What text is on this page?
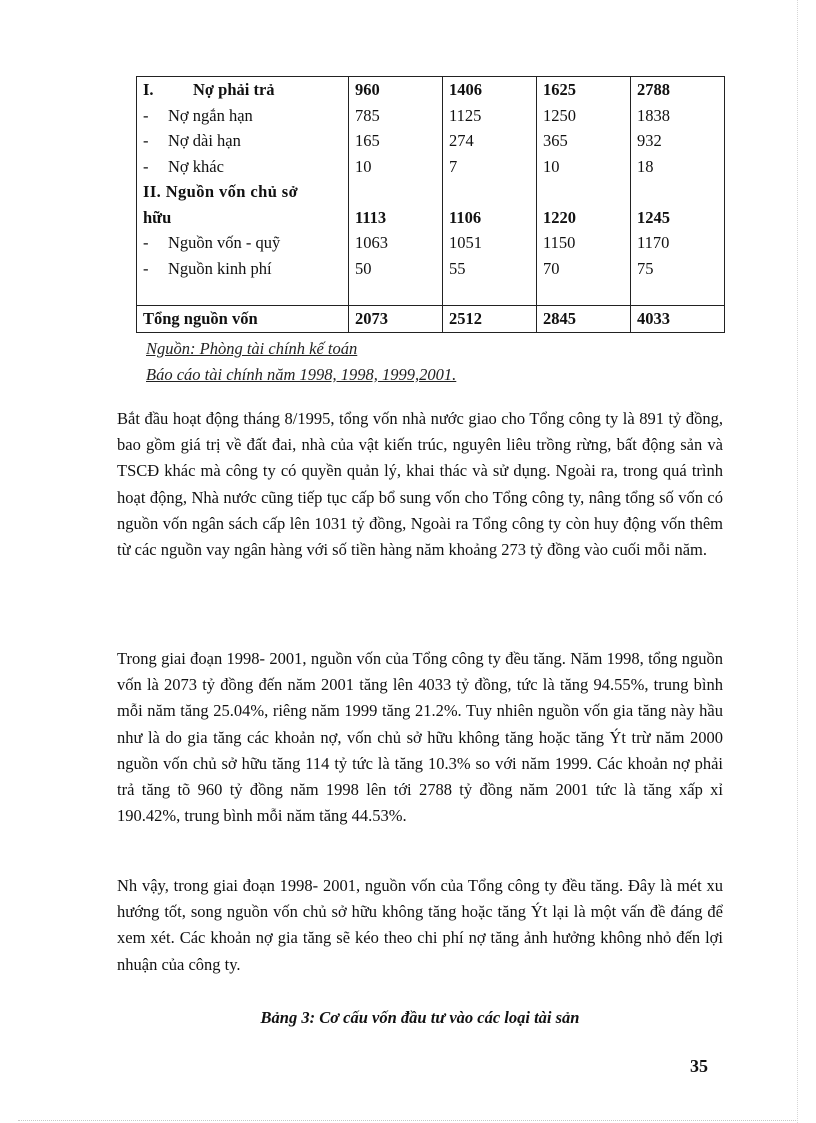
I. Nợ phải trả	960	1406	1625	2788
- Nợ ngắn hạn	785	1125	1250	1838
- Nợ dài hạn	165	274	365	932
- Nợ khác	10	7	10	18

II. Nguồn vốn chủ sở
hữu	1113	1106	1220	1245

- Nguồn vốn - quỹ	1063	1051	1150	1170
- Nguồn kinh phí	50	55	70	75

Tổng nguồn vốn	2073	2512	2845	4033
Nguồn: Phòng tài chính kế toán
Báo cáo tài chính năm 1998, 1998, 1999,2001.

Bắt đầu hoạt động tháng 8/1995, tổng vốn nhà nước giao cho Tổng công ty là 891 tỷ đồng, bao gồm giá trị về đất đai, nhà của vật kiến trúc, nguyên liêu trồng rừng, bất động sản và TSCĐ khác mà công ty có quyền quản lý, khai thác và sử dụng. Ngoài ra, trong quá trình hoạt động, Nhà nước cũng tiếp tục cấp bổ sung vốn cho Tổng công ty, nâng tổng số vốn có nguồn vốn ngân sách cấp lên 1031 tỷ đồng, Ngoài ra Tổng công ty còn huy động vốn thêm từ các nguồn vay ngân hàng với số tiền hàng năm khoảng 273 tỷ đồng vào cuối mỗi năm.

Trong giai đoạn 1998- 2001, nguồn vốn của Tổng công ty đều tăng. Năm 1998, tổng nguồn vốn là 2073 tỷ đồng đến năm 2001 tăng lên 4033 tỷ đồng, tức là tăng 94.55%, trung bình mỗi năm tăng 25.04%, riêng năm 1999 tăng 21.2%. Tuy nhiên nguồn vốn gia tăng này hầu như là do gia tăng các khoản nợ, vốn chủ sở hữu không tăng hoặc tăng Ýt trừ năm 2000 nguồn vốn chủ sở hữu tăng 114 tỷ tức là tăng 10.3% so với năm 1999. Các khoản nợ phải trả tăng tõ 960 tỷ đồng năm 1998 lên tới 2788 tỷ đồng năm 2001 tức là tăng xấp xỉ 190.42%, trung bình mỗi năm tăng 44.53%.

Nh vậy, trong giai đoạn 1998- 2001, nguồn vốn của Tổng công ty đều tăng. Đây là mét xu hướng tốt, song nguồn vốn chủ sở hữu không tăng hoặc tăng Ýt lại là một vấn đề đáng để xem xét. Các khoản nợ gia tăng sẽ kéo theo chi phí nợ tăng ảnh hưởng không nhỏ đến lợi nhuận của công ty.

Bảng 3: Cơ cấu vốn đầu tư vào các loại tài sản
35
